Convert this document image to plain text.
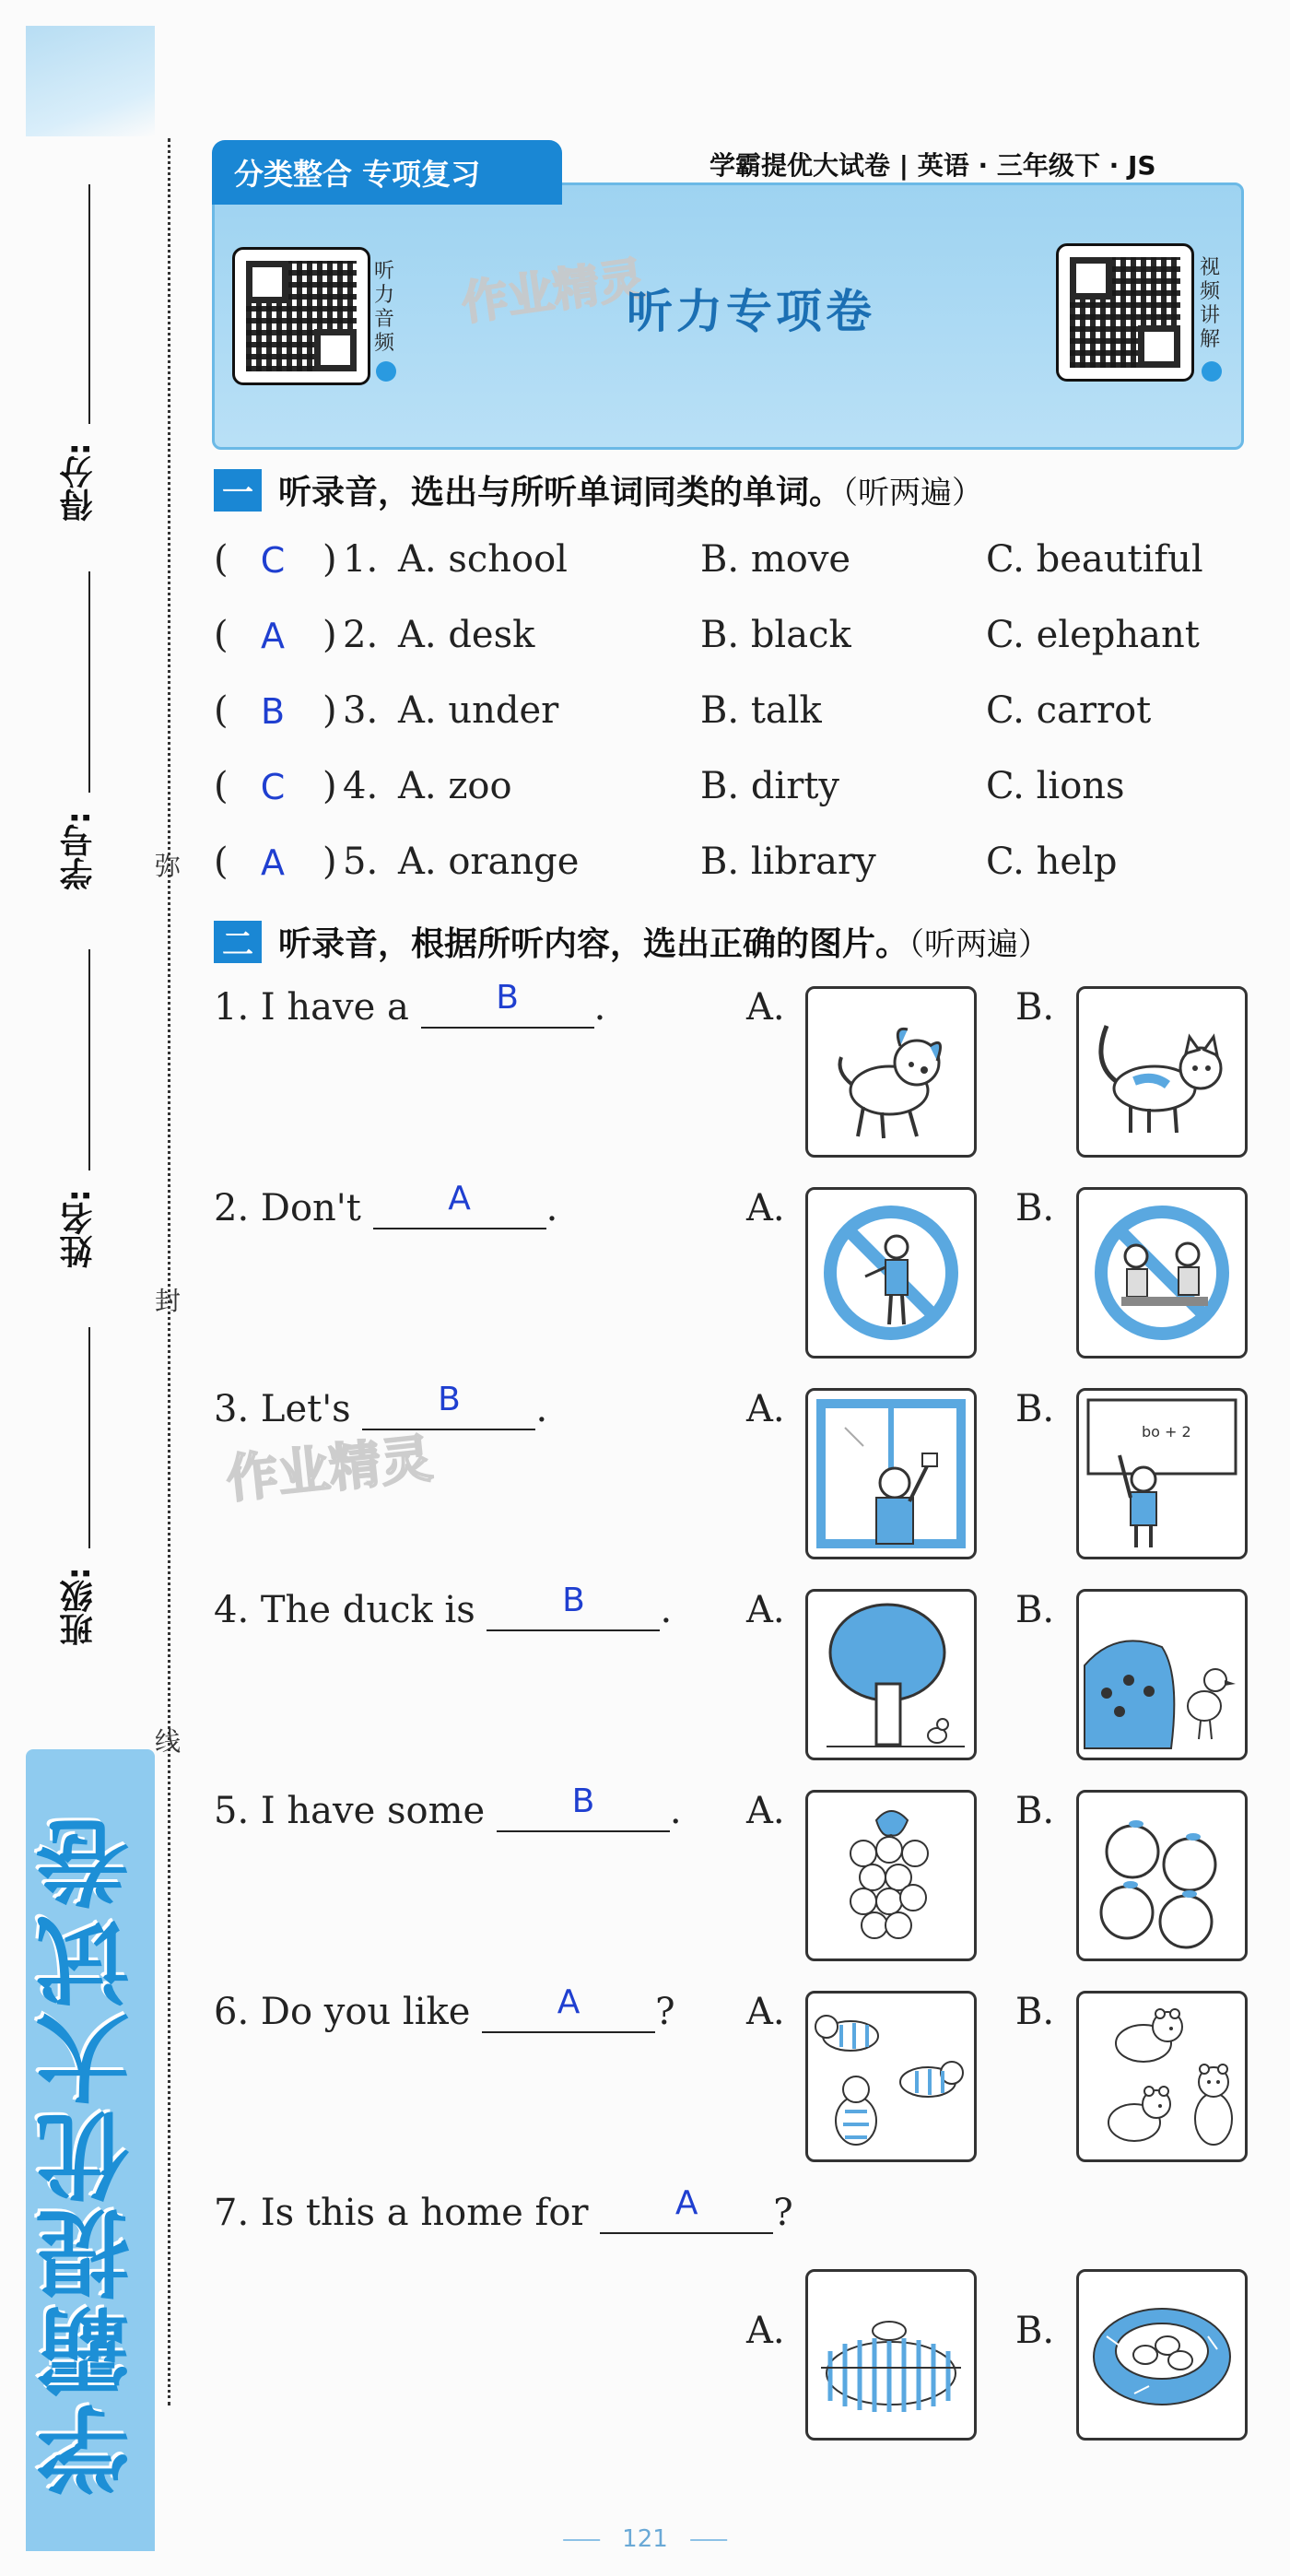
学霸提优大试卷
得分:
学号:
姓名:
班级:
弥
封
线
分类整合 专项复习	学霸提优大试卷 | 英语 · 三年级下 · JS
听力音频
视频讲解
作业精灵
听力专项卷
一 听录音，选出与所听单词同类的单词。（听两遍）
( C ) 1. A. school	B. move	C. beautiful
( A ) 2. A. desk	B. black	C. elephant
( B ) 3. A. under	B. talk	C. carrot
( C ) 4. A. zoo	B. dirty	C. lions
( A ) 5. A. orange	B. library	C. help
二 听录音，根据所听内容，选出正确的图片。（听两遍）
作业精灵
1. I have a	B	.	A.	B.
2. Don't	A	.	A.	B.
3. Let's	B	.	A.	B.
bo + 2
4. The duck is	B	. A.	B.
5. I have some	B	. A.	B.
6. Do you like	A	? A.	B.
7. Is this a home for	A	?
A.	B.
121
